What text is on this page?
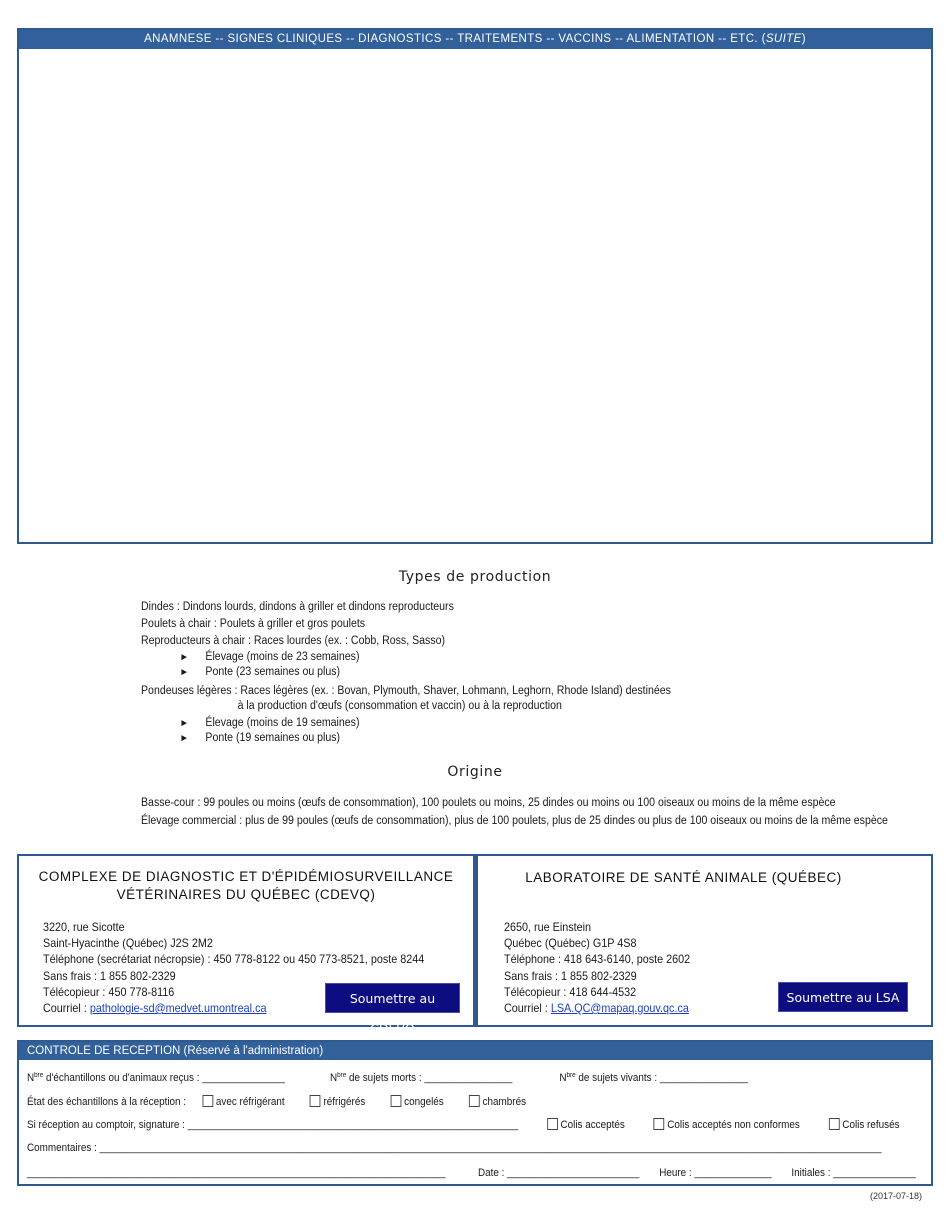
ANAMNESE -- SIGNES CLINIQUES -- DIAGNOSTICS -- TRAITEMENTS -- VACCINS -- ALIMENTATION -- ETC. (SUITE)
Types de production
Dindes : Dindons lourds, dindons à griller et dindons reproducteurs
Poulets à chair : Poulets à griller et gros poulets
Reproducteurs à chair : Races lourdes (ex. : Cobb, Ross, Sasso)
► Élevage (moins de 23 semaines)
► Ponte (23 semaines ou plus)
Pondeuses légères : Races légères (ex. : Bovan, Plymouth, Shaver, Lohmann, Leghorn, Rhode Island) destinées
à la production d'œufs (consommation et vaccin) ou à la reproduction
► Élevage (moins de 19 semaines)
► Ponte (19 semaines ou plus)
Origine
Basse-cour : 99 poules ou moins (œufs de consommation), 100 poulets ou moins, 25 dindes ou moins ou 100 oiseaux ou moins de la même espèce
Élevage commercial : plus de 99 poules (œufs de consommation), plus de 100 poulets, plus de 25 dindes ou plus de 100 oiseaux ou moins de la même espèce
COMPLEXE DE DIAGNOSTIC ET D'ÉPIDÉMIOSURVEILLANCE
VÉTÉRINAIRES DU QUÉBEC (CDEVQ)
3220, rue Sicotte
Saint-Hyacinthe (Québec) J2S 2M2
Téléphone (secrétariat nécropsie) : 450 778-8122 ou 450 773-8521, poste 8244
Sans frais : 1 855 802-2329
Télécopieur : 450 778-8116
Courriel : pathologie-sd@medvet.umontreal.ca
Soumettre au CDEVQ
LABORATOIRE DE SANTÉ ANIMALE (QUÉBEC)
2650, rue Einstein
Québec (Québec) G1P 4S8
Téléphone : 418 643-6140, poste 2602
Sans frais : 1 855 802-2329
Télécopieur : 418 644-4532
Courriel : LSA.QC@mapaq.gouv.qc.ca
Soumettre au LSA
CONTROLE DE RECEPTION (Réservé à l'administration)
$N^{bre}$ d'échantillons ou d'animaux reçus : _______________	$N^{bre}$ de sujets morts : ________________	$N^{bre}$ de sujets vivants : ________________
État des échantillons à la réception :	avec réfrigérant	réfrigérés	congelés	chambrés
Si réception au comptoir, signature : ____________________________________________________________	Colis acceptés	Colis acceptés non conformes	Colis refusés
Commentaires : ______________________________________________________________________________________________________________________________________________
____________________________________________________________________________	Date : ________________________ Heure : ______________ Initiales : _______________
(2017-07-18)
